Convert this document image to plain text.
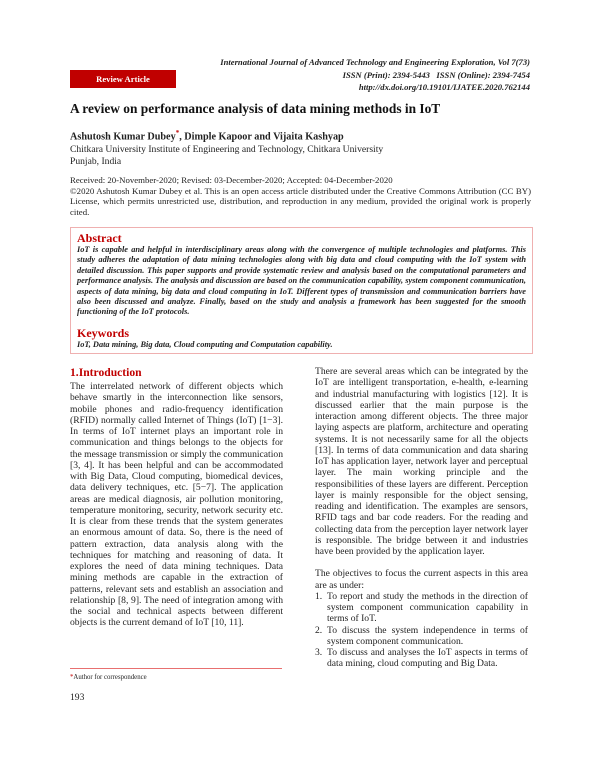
International Journal of Advanced Technology and Engineering Exploration, Vol 7(73)
ISSN (Print): 2394-5443   ISSN (Online): 2394-7454
http://dx.doi.org/10.19101/IJATEE.2020.762144
Review Article
A review on performance analysis of data mining methods in IoT
Ashutosh Kumar Dubey*, Dimple Kapoor and Vijaita Kashyap
Chitkara University Institute of Engineering and Technology, Chitkara University
Punjab, India
Received: 20-November-2020; Revised: 03-December-2020; Accepted: 04-December-2020
©2020 Ashutosh Kumar Dubey et al. This is an open access article distributed under the Creative Commons Attribution (CC BY) License, which permits unrestricted use, distribution, and reproduction in any medium, provided the original work is properly cited.
Abstract
IoT is capable and helpful in interdisciplinary areas along with the convergence of multiple technologies and platforms. This study adheres the adaptation of data mining technologies along with big data and cloud computing with the IoT system with detailed discussion. This paper supports and provide systematic review and analysis based on the computational parameters and performance analysis. The analysis and discussion are based on the communication capability, system component communication, aspects of data mining, big data and cloud computing in IoT. Different types of transmission and communication barriers have also been discussed and analyze. Finally, based on the study and analysis a framework has been suggested for the smooth functioning of the IoT protocols.
Keywords
IoT, Data mining, Big data, Cloud computing and Computation capability.
1.Introduction

The interrelated network of different objects which behave smartly in the interconnection like sensors, mobile phones and radio-frequency identification (RFID) normally called Internet of Things (IoT) [1−3]. In terms of IoT internet plays an important role in communication and things belongs to the objects for the message transmission or simply the communication [3, 4]. It has been helpful and can be accommodated with Big Data, Cloud computing, biomedical devices, data delivery techniques, etc. [5−7]. The application areas are medical diagnosis, air pollution monitoring, temperature monitoring, security, network security etc. It is clear from these trends that the system generates an enormous amount of data. So, there is the need of pattern extraction, data analysis along with the techniques for matching and reasoning of data. It explores the need of data mining techniques. Data mining methods are capable in the extraction of patterns, relevant sets and establish an association and relationship [8, 9]. The need of integration among with the social and technical aspects between different objects is the current demand of IoT [10, 11].

There are several areas which can be integrated by the IoT are intelligent transportation, e-health, e-learning and industrial manufacturing with logistics [12]. It is discussed earlier that the main purpose is the interaction among different objects. The three major laying aspects are platform, architecture and operating systems. It is not necessarily same for all the objects [13]. In terms of data communication and data sharing IoT has application layer, network layer and perceptual layer. The main working principle and the responsibilities of these layers are different. Perception layer is mainly responsible for the object sensing, reading and identification. The examples are sensors, RFID tags and bar code readers. For the reading and collecting data from the perception layer network layer is responsible. The bridge between it and industries have been provided by the application layer.

The objectives to focus the current aspects in this area are as under:

1. To report and study the methods in the direction of system component communication capability in terms of IoT.
2. To discuss the system independence in terms of system component communication.
3. To discuss and analyses the IoT aspects in terms of data mining, cloud computing and Big Data.
*Author for correspondence
193
